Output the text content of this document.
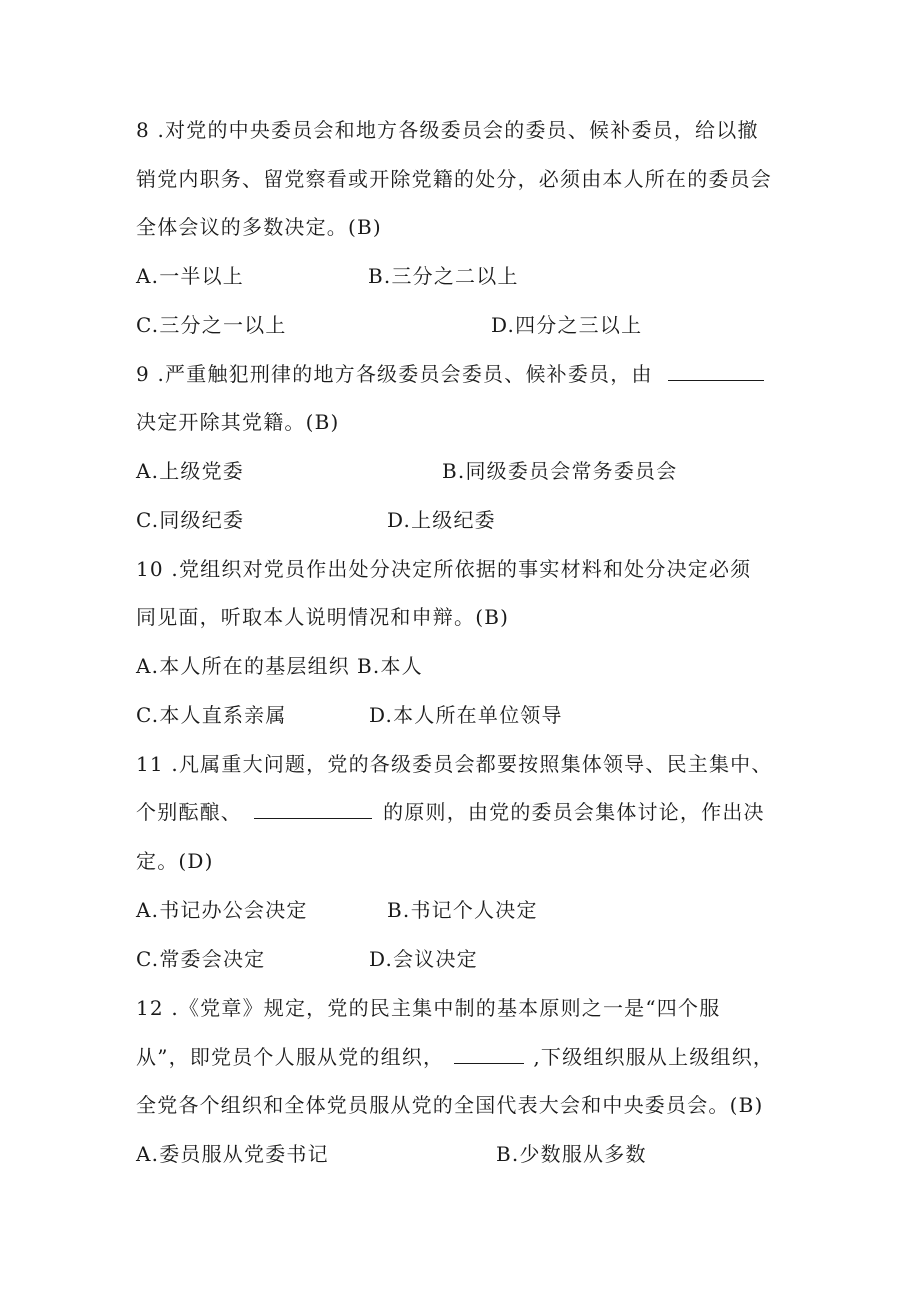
8 .对党的中央委员会和地方各级委员会的委员、候补委员，给以撤
销党内职务、留党察看或开除党籍的处分，必须由本人所在的委员会
全体会议的多数决定。(B)
A.一半以上	B.三分之二以上
C.三分之一以上	D.四分之三以上
9 .严重触犯刑律的地方各级委员会委员、候补委员，由
决定开除其党籍。(B)
A.上级党委	B.同级委员会常务委员会
C.同级纪委	D.上级纪委
10 .党组织对党员作出处分决定所依据的事实材料和处分决定必须
同见面，听取本人说明情况和申辩。(B)
A.本人所在的基层组织 B.本人
C.本人直系亲属	D.本人所在单位领导
11 .凡属重大问题，党的各级委员会都要按照集体领导、民主集中、
个别酝酿、	的原则，由党的委员会集体讨论，作出决
定。(D)
A.书记办公会决定	B.书记个人决定
C.常委会决定	D.会议决定
12 .《党章》规定，党的民主集中制的基本原则之一是“四个服
从”，即党员个人服从党的组织，	,下级组织服从上级组织，
全党各个组织和全体党员服从党的全国代表大会和中央委员会。(B)
A.委员服从党委书记	B.少数服从多数
